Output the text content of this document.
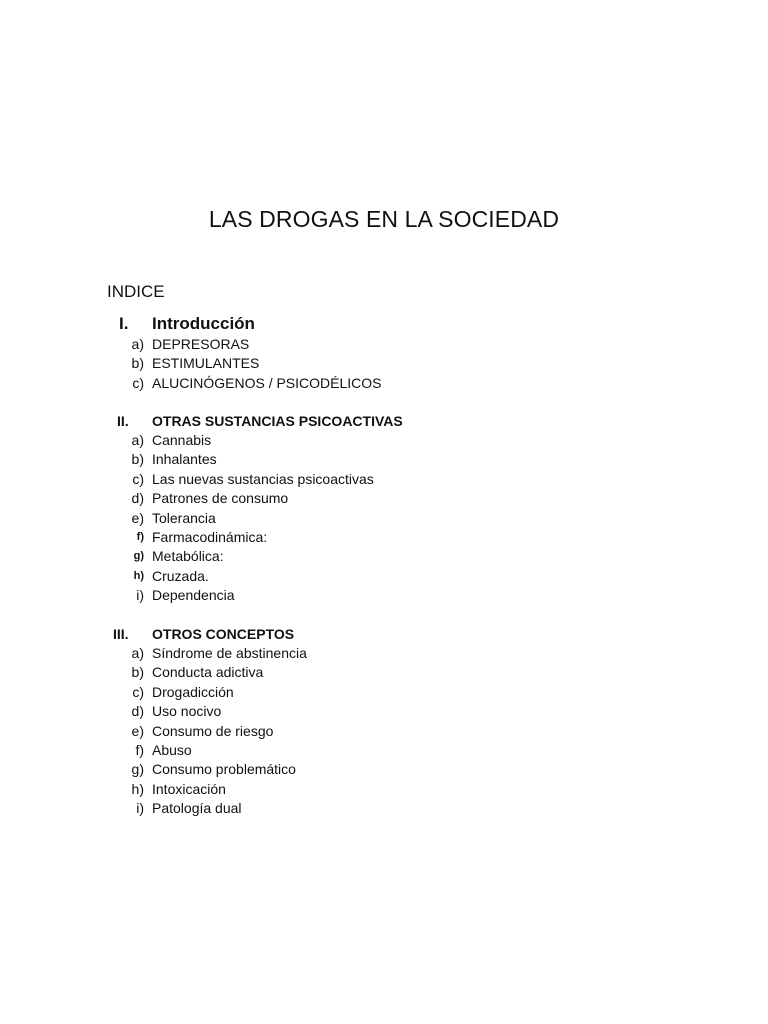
LAS DROGAS EN LA SOCIEDAD
INDICE
I. Introducción
a) DEPRESORAS
b) ESTIMULANTES
c) ALUCINÓGENOS / PSICODÉLICOS
II. OTRAS SUSTANCIAS PSICOACTIVAS
a) Cannabis
b) Inhalantes
c) Las nuevas sustancias psicoactivas
d) Patrones de consumo
e) Tolerancia
f) Farmacodinámica:
g) Metabólica:
h) Cruzada.
i) Dependencia
III. OTROS CONCEPTOS
a) Síndrome de abstinencia
b) Conducta adictiva
c) Drogadicción
d) Uso nocivo
e) Consumo de riesgo
f) Abuso
g) Consumo problemático
h) Intoxicación
i) Patología dual
